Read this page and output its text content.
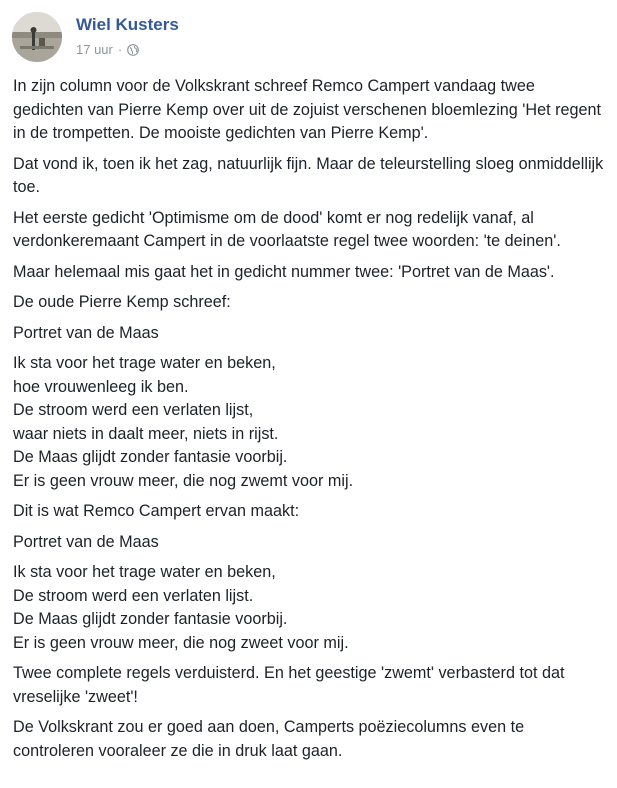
Wiel Kusters
17 uur ·

In zijn column voor de Volkskrant schreef Remco Campert vandaag twee gedichten van Pierre Kemp over uit de zojuist verschenen bloemlezing 'Het regent in de trompetten. De mooiste gedichten van Pierre Kemp'.

Dat vond ik, toen ik het zag, natuurlijk fijn. Maar de teleurstelling sloeg onmiddellijk toe.

Het eerste gedicht 'Optimisme om de dood' komt er nog redelijk vanaf, al verdonkeremaant Campert in de voorlaatste regel twee woorden: 'te deinen'.

Maar helemaal mis gaat het in gedicht nummer twee: 'Portret van de Maas'.

De oude Pierre Kemp schreef:

Portret van de Maas

Ik sta voor het trage water en beken,
hoe vrouwenleeg ik ben.
De stroom werd een verlaten lijst,
waar niets in daalt meer, niets in rijst.
De Maas glijdt zonder fantasie voorbij.
Er is geen vrouw meer, die nog zwemt voor mij.

Dit is wat Remco Campert ervan maakt:

Portret van de Maas

Ik sta voor het trage water en beken,
De stroom werd een verlaten lijst.
De Maas glijdt zonder fantasie voorbij.
Er is geen vrouw meer, die nog zweet voor mij.

Twee complete regels verduisterd. En het geestige 'zwemt' verbasterd tot dat vreselijke 'zweet'!

De Volkskrant zou er goed aan doen, Camperts poëziecolumns even te controleren vooraleer ze die in druk laat gaan.
